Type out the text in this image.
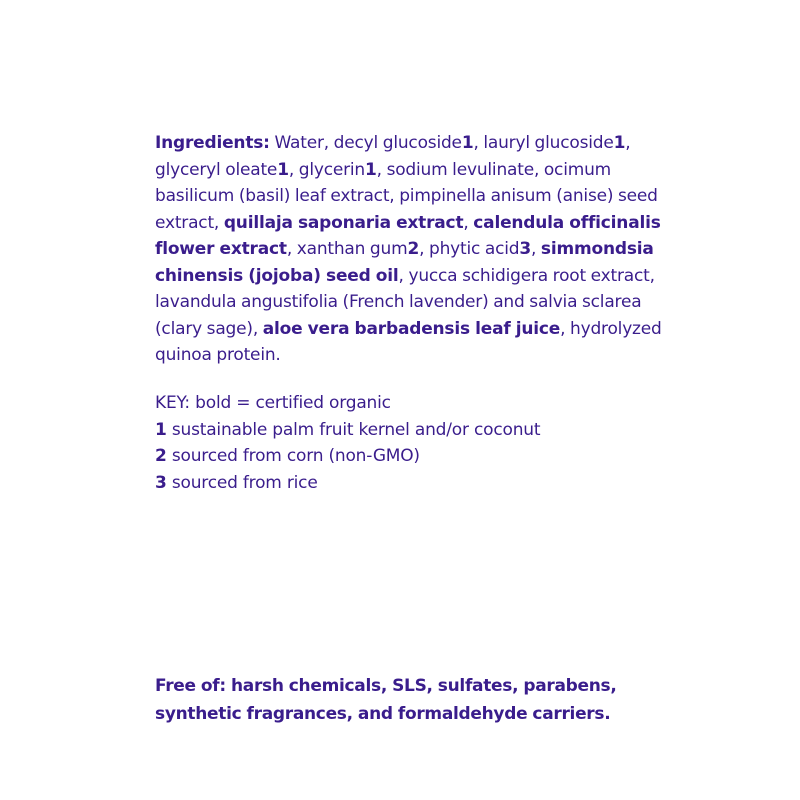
Ingredients: Water, decyl glucoside1, lauryl glucoside1, glyceryl oleate1, glycerin1, sodium levulinate, ocimum basilicum (basil) leaf extract, pimpinella anisum (anise) seed extract, quillaja saponaria extract, calendula officinalis flower extract, xanthan gum2, phytic acid3, simmondsia chinensis (jojoba) seed oil, yucca schidigera root extract, lavandula angustifolia (French lavender) and salvia sclarea (clary sage), aloe vera barbadensis leaf juice, hydrolyzed quinoa protein.
KEY: bold = certified organic
1 sustainable palm fruit kernel and/or coconut
2 sourced from corn (non-GMO)
3 sourced from rice
Free of: harsh chemicals, SLS, sulfates, parabens, synthetic fragrances, and formaldehyde carriers.
